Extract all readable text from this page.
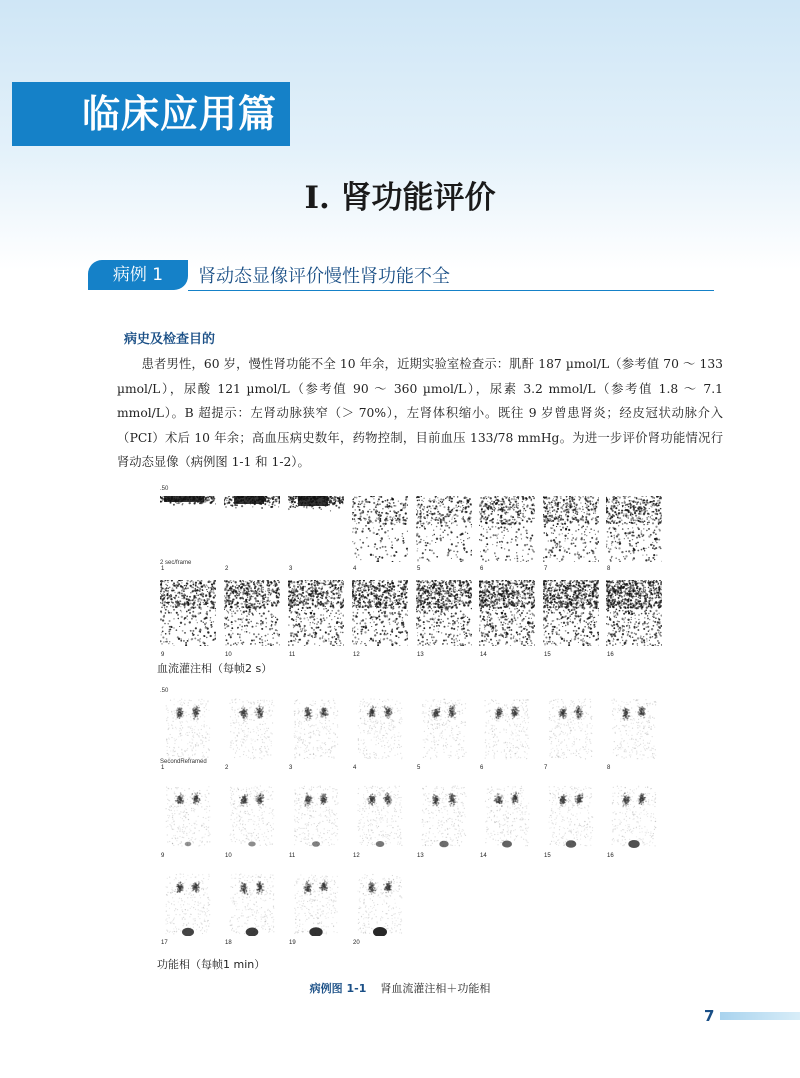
临床应用篇
I. 肾功能评价
病例 1	肾动态显像评价慢性肾功能不全
病史及检查目的
患者男性，60 岁，慢性肾功能不全 10 年余，近期实验室检查示：肌酐 187 µmol/L（参考值 70 ～ 133 µmol/L），尿酸 121 µmol/L（参考值 90 ～ 360 µmol/L），尿素 3.2 mmol/L（参考值 1.8 ～ 7.1 mmol/L）。B 超提示：左肾动脉狭窄（＞ 70%），左肾体积缩小。既往 9 岁曾患肾炎；经皮冠状动脉介入（PCI）术后 10 年余；高血压病史数年，药物控制，目前血压 133/78 mmHg。为进一步评价肾功能情况行肾动态显像（病例图 1-1 和 1-2）。
.50
2 sec/frame
血流灌注相（每帧2 s）
.50
SecondReframed
功能相（每帧1 min）
1	2	3	4	5	6	7	8
9	10	11	12	13	14	15	16
1	2	3	4	5	6	7	8
9	10	11	12	13	14	15	16
17	18	19	20
病例图 1-1 肾血流灌注相＋功能相
7
